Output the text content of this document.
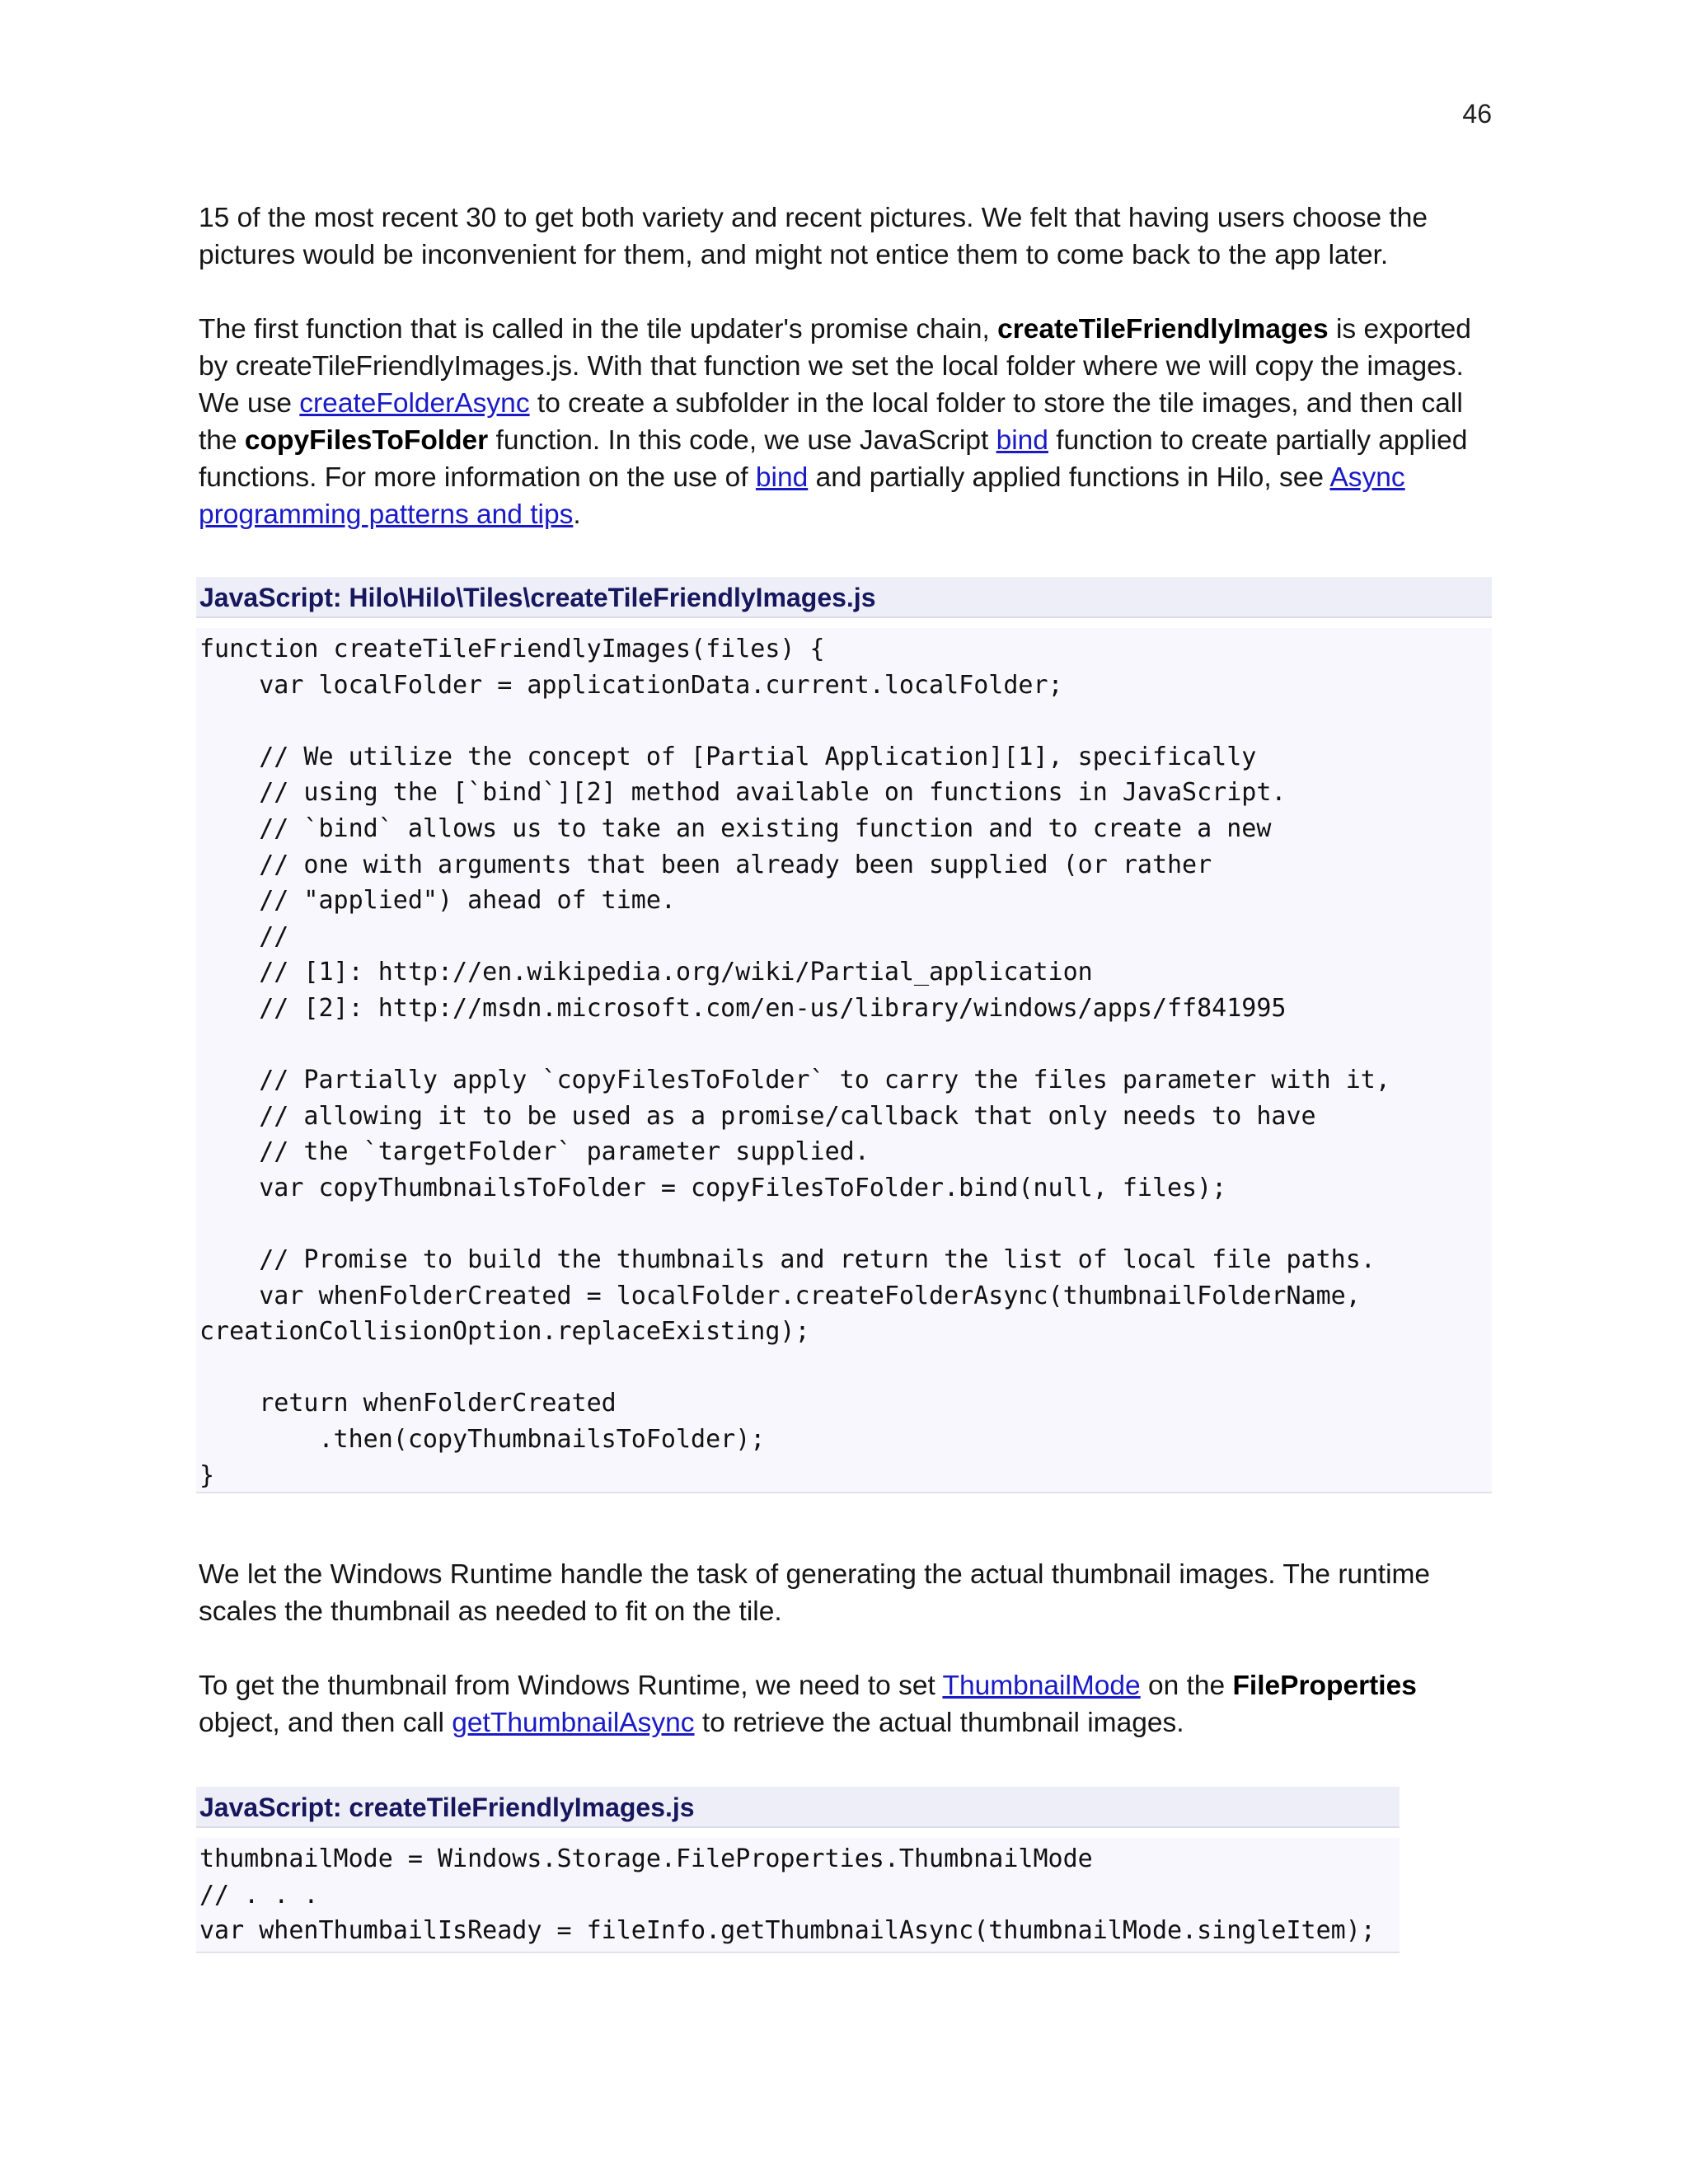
46
15 of the most recent 30 to get both variety and recent pictures. We felt that having users choose the pictures would be inconvenient for them, and might not entice them to come back to the app later.
The first function that is called in the tile updater's promise chain, createTileFriendlyImages is exported by createTileFriendlyImages.js. With that function we set the local folder where we will copy the images. We use createFolderAsync to create a subfolder in the local folder to store the tile images, and then call the copyFilesToFolder function. In this code, we use JavaScript bind function to create partially applied functions. For more information on the use of bind and partially applied functions in Hilo, see Async programming patterns and tips.
JavaScript: Hilo\Hilo\Tiles\createTileFriendlyImages.js
function createTileFriendlyImages(files) {
var localFolder = applicationData.current.localFolder;

// We utilize the concept of [Partial Application][1], specifically
// using the [`bind`][2] method available on functions in JavaScript.
// `bind` allows us to take an existing function and to create a new
// one with arguments that been already been supplied (or rather
// "applied") ahead of time.
//
// [1]: http://en.wikipedia.org/wiki/Partial_application
// [2]: http://msdn.microsoft.com/en-us/library/windows/apps/ff841995

// Partially apply `copyFilesToFolder` to carry the files parameter with it,
// allowing it to be used as a promise/callback that only needs to have
// the `targetFolder` parameter supplied.
var copyThumbnailsToFolder = copyFilesToFolder.bind(null, files);

// Promise to build the thumbnails and return the list of local file paths.
var whenFolderCreated = localFolder.createFolderAsync(thumbnailFolderName,
creationCollisionOption.replaceExisting);

return whenFolderCreated
.then(copyThumbnailsToFolder);
}
We let the Windows Runtime handle the task of generating the actual thumbnail images. The runtime scales the thumbnail as needed to fit on the tile.
To get the thumbnail from Windows Runtime, we need to set ThumbnailMode on the FileProperties object, and then call getThumbnailAsync to retrieve the actual thumbnail images.
JavaScript: createTileFriendlyImages.js
thumbnailMode = Windows.Storage.FileProperties.ThumbnailMode
// . . .
var whenThumbailIsReady = fileInfo.getThumbnailAsync(thumbnailMode.singleItem);
